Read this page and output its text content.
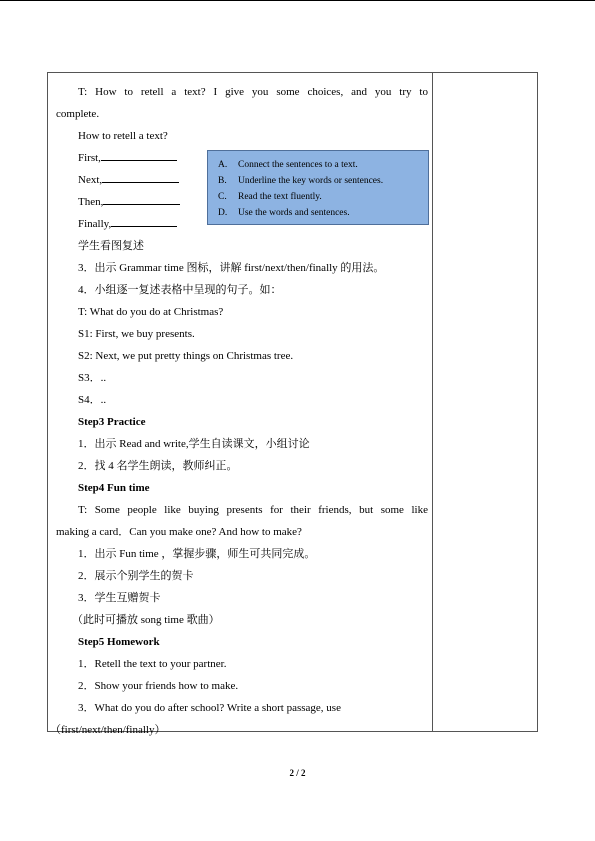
T: How to retell a text? I give you some choices, and you try to
complete.
How to retell a text?
First,
Next,
Then,
Finally,
学生看图复述
3．出示 Grammar time 图标，讲解 first/next/then/finally 的用法。
4．小组逐一复述表格中呈现的句子。如：
T: What do you do at Christmas?
S1: First, we buy presents.
S2: Next, we put pretty things on Christmas tree.
S3．..
S4．..
Step3 Practice
1．出示 Read and write,学生自读课文，小组讨论
2．找 4 名学生朗读，教师纠正。
Step4 Fun time
T: Some people like buying presents for their friends, but some like
making a card．Can you make one? And how to make?
1．出示 Fun time ，掌握步骤，师生可共同完成。
2．展示个别学生的贺卡
3．学生互赠贺卡
（此时可播放 song time 歌曲）
Step5 Homework
1．Retell the text to your partner.
2．Show your friends how to make.
3．What do you do after school? Write a short passage, use
（first/next/then/finally）
A. Connect the sentences to a text.
B. Underline the key words or sentences.
C. Read the text fluently.
D. Use the words and sentences.
2 / 2
